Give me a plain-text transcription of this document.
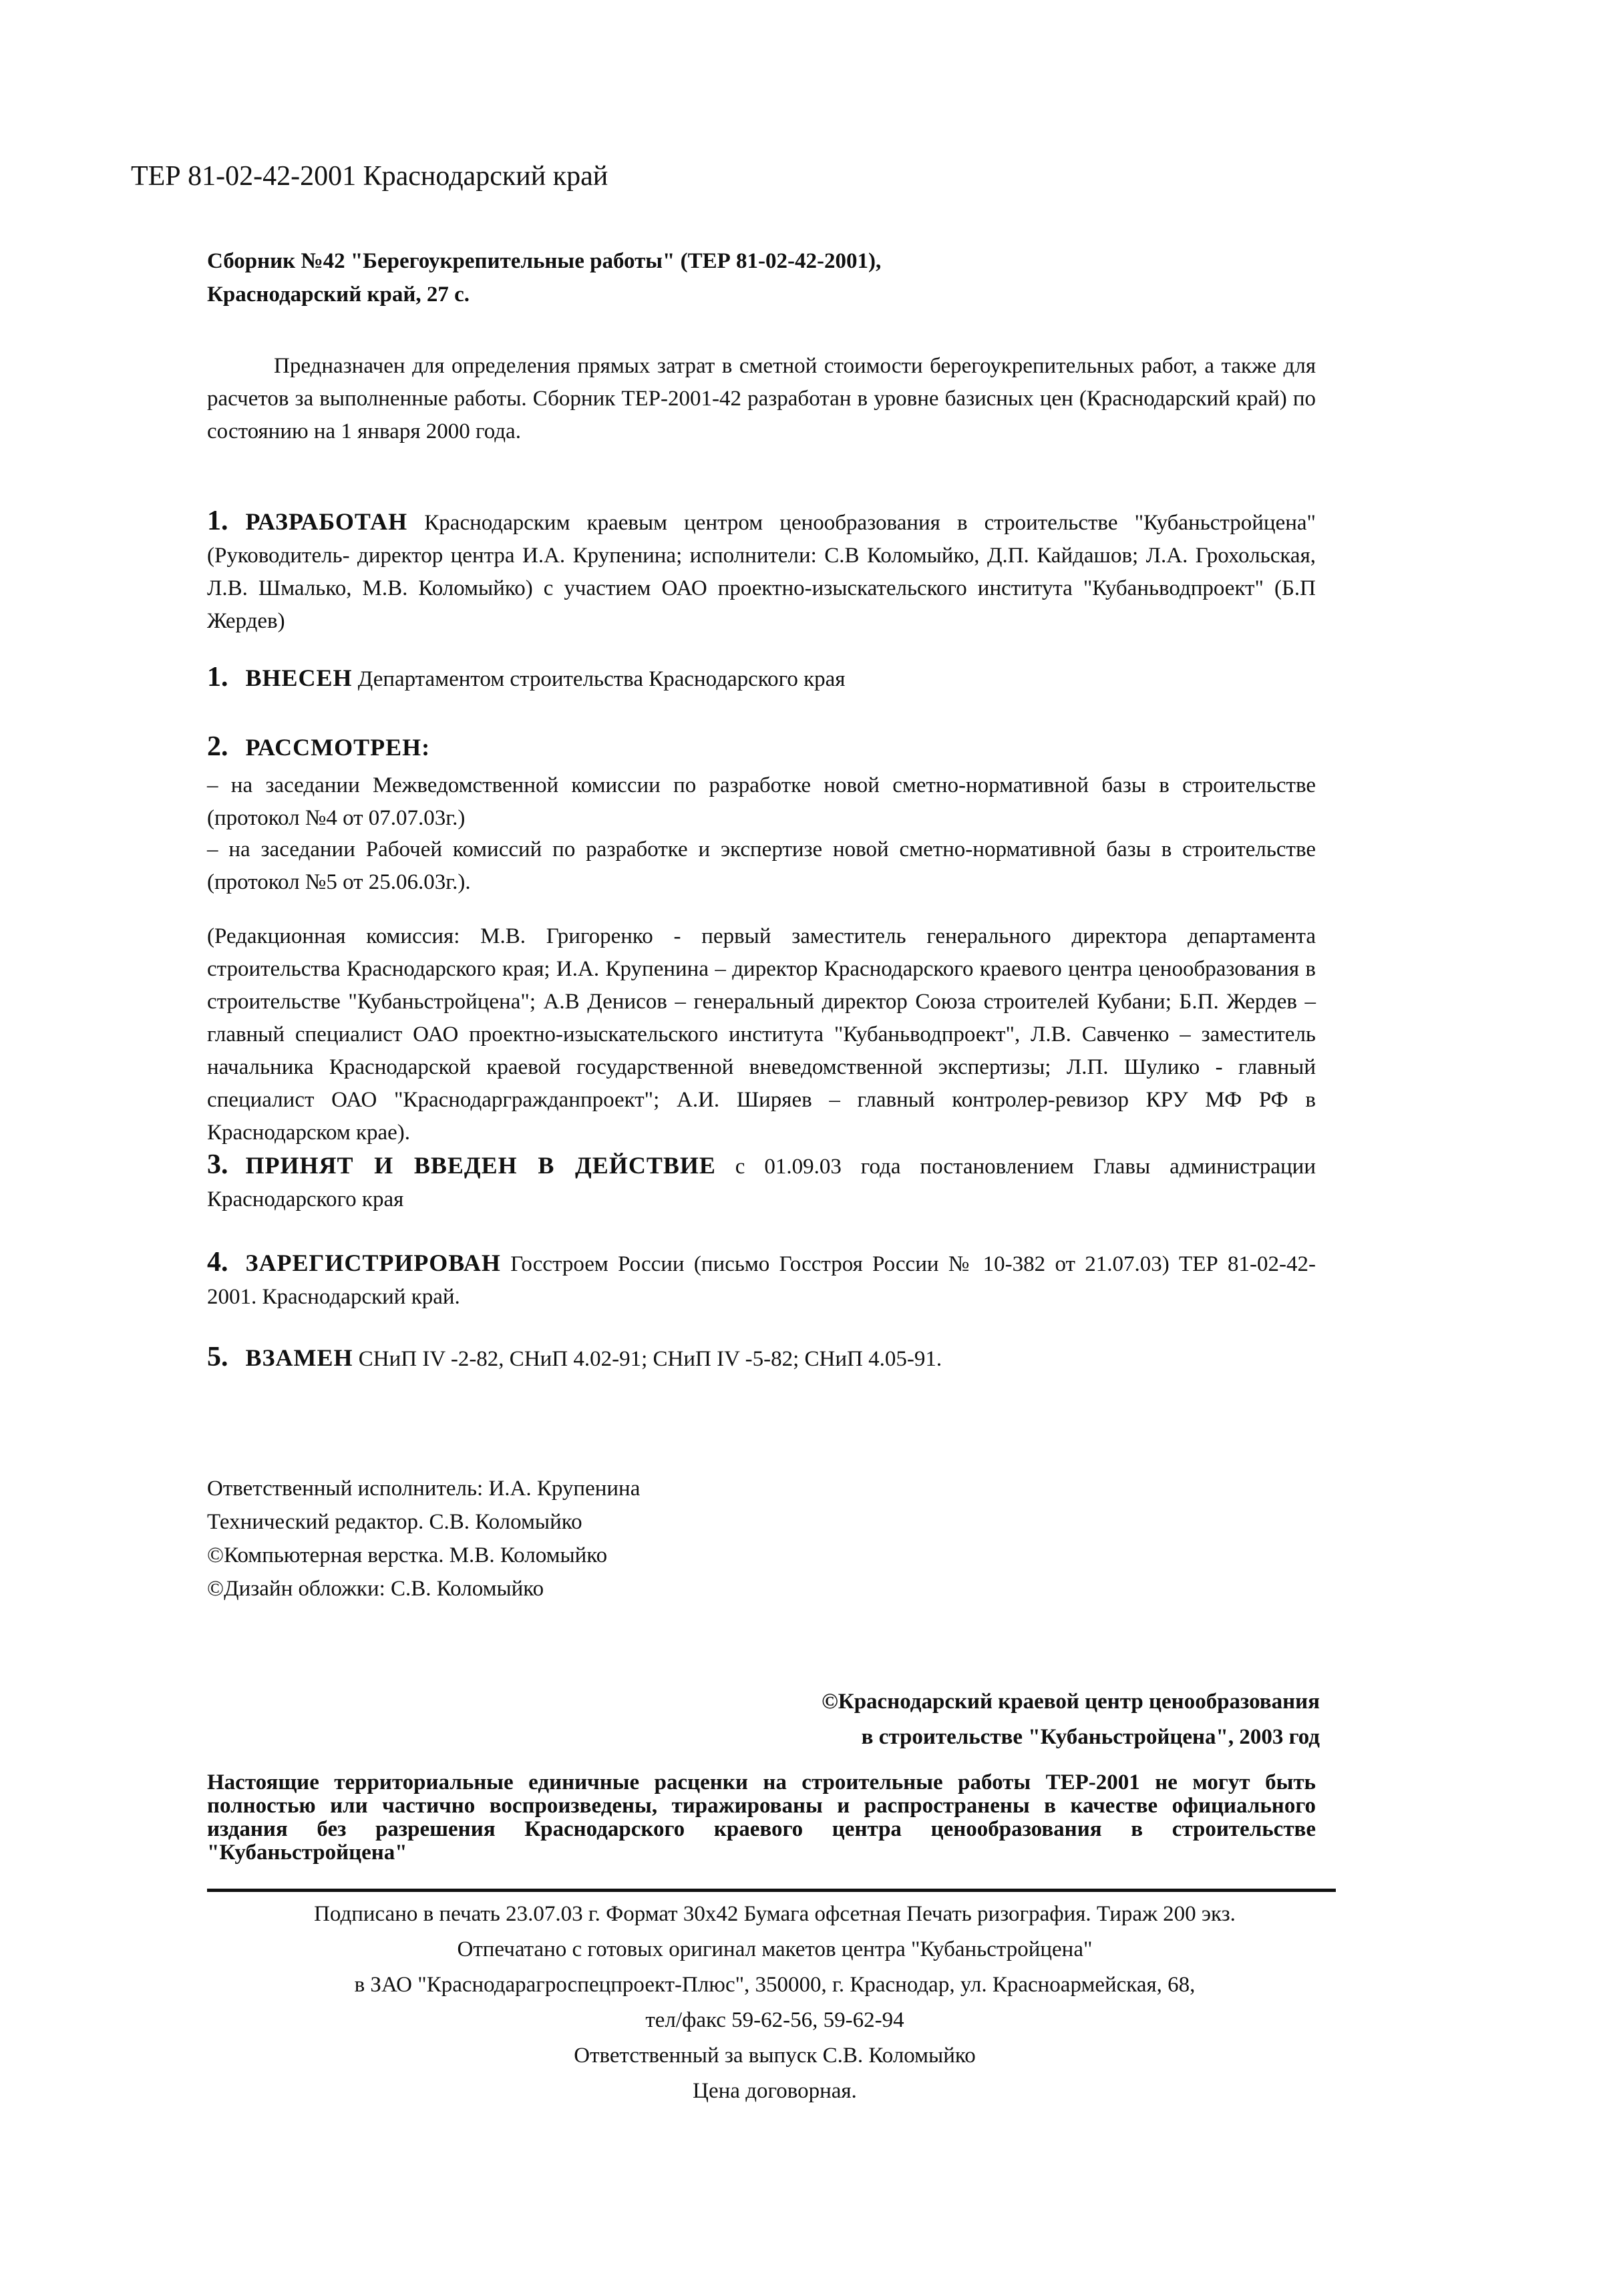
ТЕР 81-02-42-2001 Краснодарский край
Сборник №42 "Берегоукрепительные работы" (ТЕР 81-02-42-2001),
Краснодарский край, 27 с.
Предназначен для определения прямых затрат в сметной стоимости берегоукрепительных работ, а также для расчетов за выполненные работы. Сборник ТЕР-2001-42 разработан в уровне базисных цен (Краснодарский край) по состоянию на 1 января 2000 года.
1. РАЗРАБОТАН Краснодарским краевым центром ценообразования в строительстве "Кубаньстройцена" (Руководитель- директор центра И.А. Крупенина; исполнители: С.В Коломыйко, Д.П. Кайдашов; Л.А. Грохольская, Л.В. Шмалько, М.В. Коломыйко) с участием ОАО проектно-изыскательского института "Кубаньводпроект" (Б.П Жердев)
1. ВНЕСЕН Департаментом строительства Краснодарского края
2. РАССМОТРЕН:
– на заседании Межведомственной комиссии по разработке новой сметно-нормативной базы в строительстве (протокол №4 от 07.07.03г.)
– на заседании Рабочей комиссий по разработке и экспертизе новой сметно-нормативной базы в строительстве (протокол №5 от 25.06.03г.).
(Редакционная комиссия: М.В. Григоренко - первый заместитель генерального директора департамента строительства Краснодарского края; И.А. Крупенина – директор Краснодарского краевого центра ценообразования в строительстве "Кубаньстройцена"; А.В Денисов – генеральный директор Союза строителей Кубани; Б.П. Жердев – главный специалист ОАО проектно-изыскательского института "Кубаньводпроект", Л.В. Савченко – заместитель начальника Краснодарской краевой государственной вневедомственной экспертизы; Л.П. Шулико - главный специалист ОАО "Краснодаргражданпроект"; А.И. Ширяев – главный контролер-ревизор КРУ МФ РФ в Краснодарском крае).
3. ПРИНЯТ И ВВЕДЕН В ДЕЙСТВИЕ с 01.09.03 года постановлением Главы администрации Краснодарского края
4. ЗАРЕГИСТРИРОВАН Госстроем России (письмо Госстроя России № 10-382 от 21.07.03) ТЕР 81-02-42-2001. Краснодарский край.
5. ВЗАМЕН СНиП IV -2-82, СНиП 4.02-91; СНиП IV -5-82; СНиП 4.05-91.
Ответственный исполнитель: И.А. Крупенина
Технический редактор. С.В. Коломыйко
©Компьютерная верстка. М.В. Коломыйко
©Дизайн обложки: С.В. Коломыйко
©Краснодарский краевой центр ценообразования
в строительстве "Кубаньстройцена", 2003 год
Настоящие территориальные единичные расценки на строительные работы ТЕР-2001 не могут быть полностью или частично воспроизведены, тиражированы и распространены в качестве официального издания без разрешения Краснодарского краевого центра ценообразования в строительстве "Кубаньстройцена"
Подписано в печать 23.07.03 г. Формат 30х42 Бумага офсетная Печать ризография. Тираж 200 экз.
Отпечатано с готовых оригинал макетов центра "Кубаньстройцена"
в ЗАО "Краснодарагроспецпроект-Плюс", 350000, г. Краснодар, ул. Красноармейская, 68,
тел/факс 59-62-56, 59-62-94
Ответственный за выпуск С.В. Коломыйко
Цена договорная.
